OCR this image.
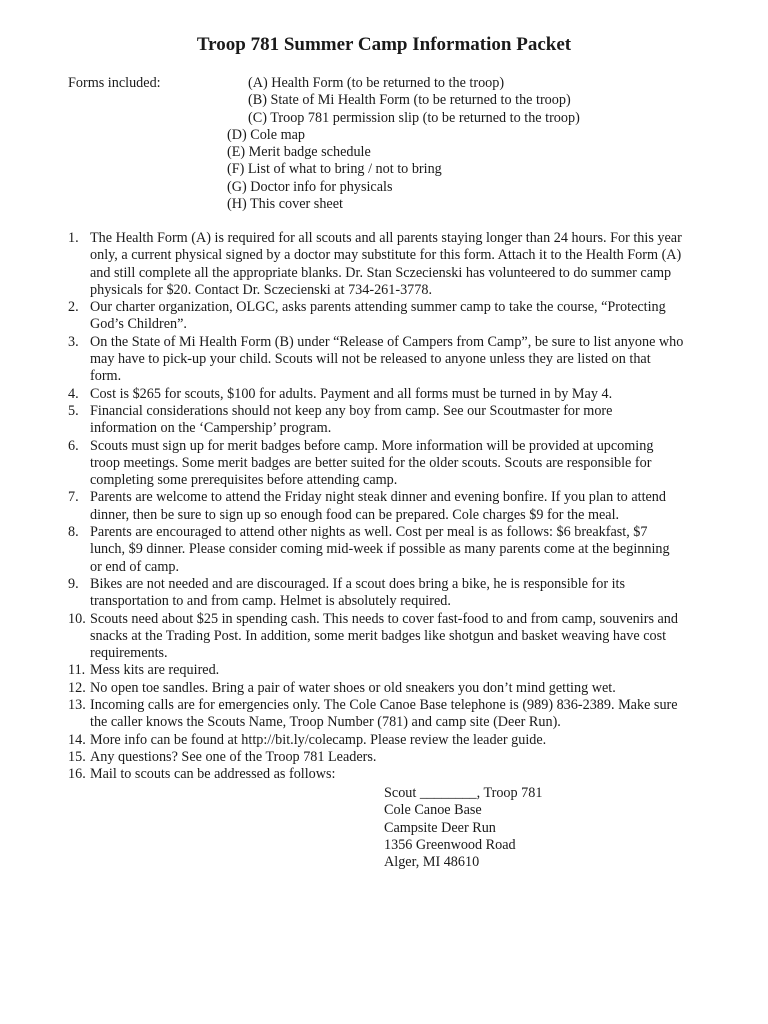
Troop 781 Summer Camp Information Packet
Forms included:	(A) Health Form (to be returned to the troop)
(B) State of Mi Health Form (to be returned to the troop)
(C) Troop 781 permission slip (to be returned to the troop)
(D) Cole map
(E) Merit badge schedule
(F) List of what to bring / not to bring
(G) Doctor info for physicals
(H) This cover sheet
1. The Health Form (A) is required for all scouts and all parents staying longer than 24 hours. For this year
only, a current physical signed by a doctor may substitute for this form. Attach it to the Health Form (A)
and still complete all the appropriate blanks. Dr. Stan Sczecienski has volunteered to do summer camp
physicals for $20. Contact Dr. Sczecienski at 734-261-3778.
2. Our charter organization, OLGC, asks parents attending summer camp to take the course, “Protecting
God’s Children”.
3. On the State of Mi Health Form (B) under “Release of Campers from Camp”, be sure to list anyone who
may have to pick-up your child. Scouts will not be released to anyone unless they are listed on that
form.
4. Cost is $265 for scouts, $100 for adults. Payment and all forms must be turned in by May 4.
5. Financial considerations should not keep any boy from camp. See our Scoutmaster for more
information on the ‘Campership’ program.
6. Scouts must sign up for merit badges before camp. More information will be provided at upcoming
troop meetings. Some merit badges are better suited for the older scouts. Scouts are responsible for
completing some prerequisites before attending camp.
7. Parents are welcome to attend the Friday night steak dinner and evening bonfire. If you plan to attend
dinner, then be sure to sign up so enough food can be prepared. Cole charges $9 for the meal.
8. Parents are encouraged to attend other nights as well. Cost per meal is as follows: $6 breakfast, $7
lunch, $9 dinner. Please consider coming mid-week if possible as many parents come at the beginning
or end of camp.
9. Bikes are not needed and are discouraged. If a scout does bring a bike, he is responsible for its
transportation to and from camp. Helmet is absolutely required.
10. Scouts need about $25 in spending cash. This needs to cover fast-food to and from camp, souvenirs and
snacks at the Trading Post. In addition, some merit badges like shotgun and basket weaving have cost
requirements.
11. Mess kits are required.
12. No open toe sandles. Bring a pair of water shoes or old sneakers you don’t mind getting wet.
13. Incoming calls are for emergencies only. The Cole Canoe Base telephone is (989) 836-2389. Make sure
the caller knows the Scouts Name, Troop Number (781) and camp site (Deer Run).
14. More info can be found at http://bit.ly/colecamp. Please review the leader guide.
15. Any questions? See one of the Troop 781 Leaders.
16. Mail to scouts can be addressed as follows:
Scout ________, Troop 781
Cole Canoe Base
Campsite Deer Run
1356 Greenwood Road
Alger, MI 48610
